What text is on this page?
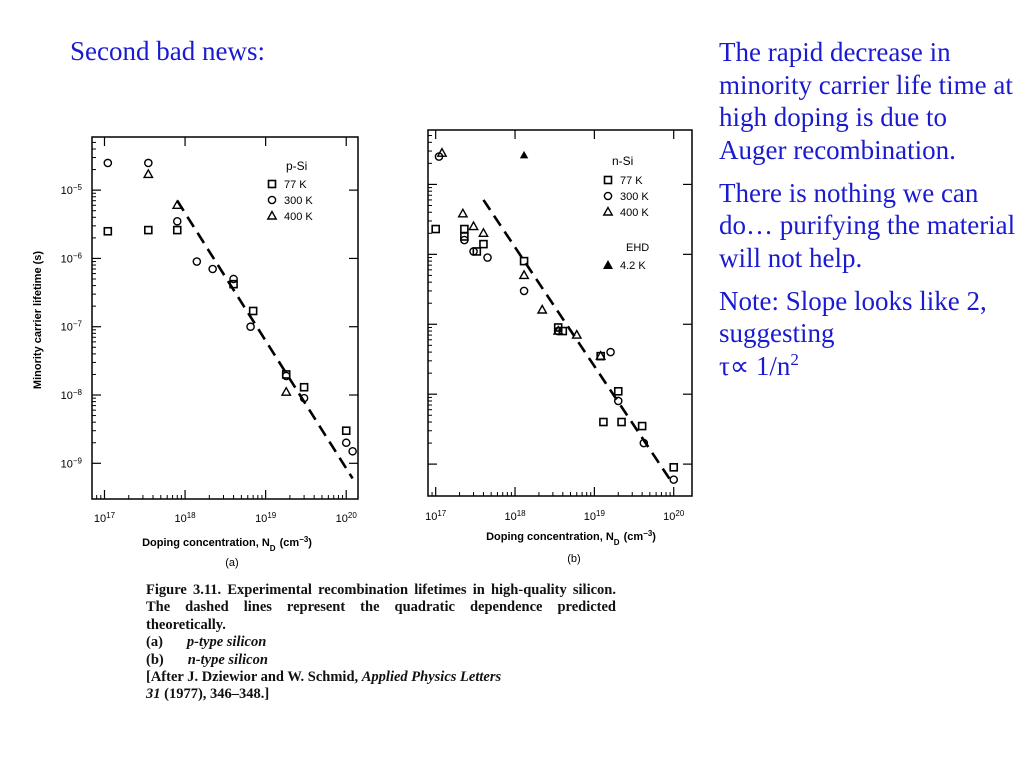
Second bad news:	The rapid decrease in minority carrier life time at high doping is due to Auger recombination.

There is nothing we can do… purifying the material will not help.

Note: Slope looks like 2, suggesting
$\tau\propto 1/n^2$

Minority carrier lifetime (s)
$10^{17}$	$10^{18}$	$10^{19}$	$10^{20}$
$10^{-5}$
$10^{-6}$
$10^{-7}$
$10^{-8}$
$10^{-9}$
p-Si
77 K
300 K
400 K
Doping concentration, $N_D$ $(cm^{-3})$
(a)
$10^{17}$	$10^{18}$	$10^{19}$	$10^{20}$
n-Si
77 K
300 K
400 K
EHD
4.2 K
Doping concentration, $N_D$ $(cm^{-3})$
(b)
Figure 3.11. Experimental recombination lifetimes in high-quality silicon. The dashed lines represent the quadratic dependence predicted theoretically.
(a) p-type silicon
(b) n-type silicon
[After J. Dziewior and W. Schmid, Applied Physics Letters
31 (1977), 346–348.]
